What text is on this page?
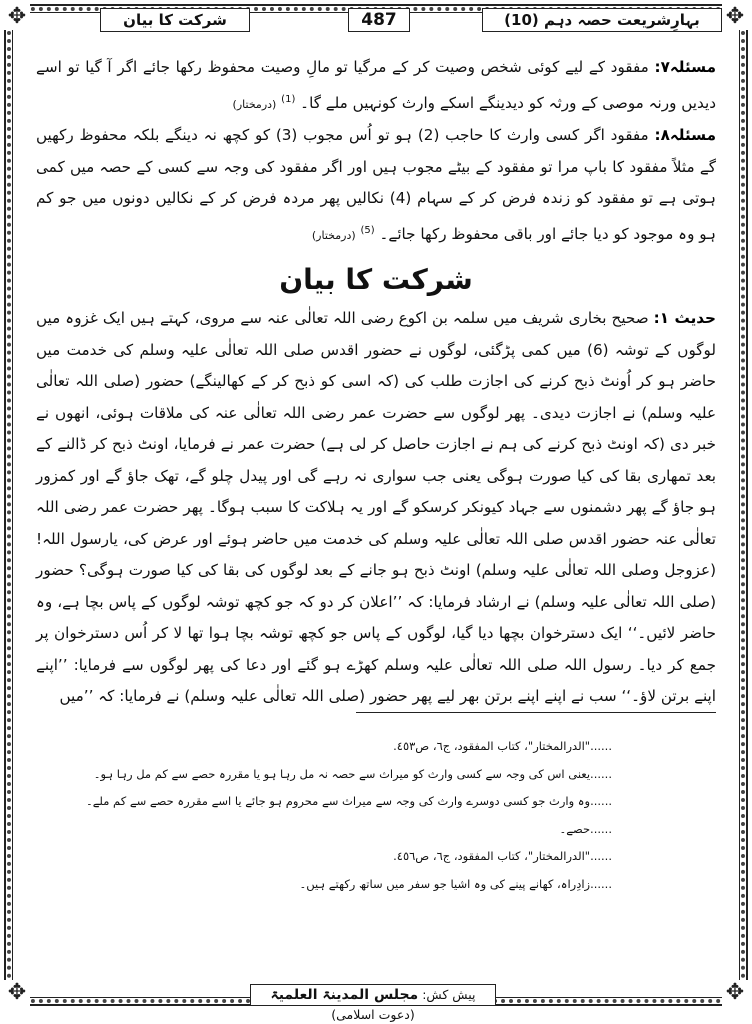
✥	✥
✥	✥
بہارِشریعت حصہ دہم (10)
487
شرکت کا بیان

مسئلہ۷: مفقود کے لیے کوئی شخص وصیت کر کے مرگیا تو مالِ وصیت محفوظ رکھا جائے اگر آ گیا تو اسے دیدیں ورنہ موصی کے ورثہ کو دیدینگے اسکے وارث کونہیں ملے گا۔ $^{(1)}$ (درمختار)

مسئلہ۸: مفقود اگر کسی وارث کا حاجب (2) ہو تو اُس مجوب (3) کو کچھ نہ دینگے بلکہ محفوظ رکھیں گے مثلاً مفقود کا باپ مرا تو مفقود کے بیٹے مجوب ہیں اور اگر مفقود کی وجہ سے کسی کے حصہ میں کمی ہوتی ہے تو مفقود کو زندہ فرض کر کے سہام (4) نکالیں پھر مردہ فرض کر کے نکالیں دونوں میں جو کم ہو وہ موجود کو دیا جائے اور باقی محفوظ رکھا جائے۔ $^{(5)}$ (درمختار)

شرکت کا بیان

حدیث ۱: صحیح بخاری شریف میں سلمہ بن اکوع رضی اللہ تعالٰی عنہ سے مروی، کہتے ہیں ایک غزوہ میں لوگوں کے توشہ (6) میں کمی پڑگئی، لوگوں نے حضور اقدس صلی اللہ تعالٰی علیہ وسلم کی خدمت میں حاضر ہو کر اُونٹ ذبح کرنے کی اجازت طلب کی (کہ اسی کو ذبح کر کے کھالینگے) حضور (صلی اللہ تعالٰی علیہ وسلم) نے اجازت دیدی۔ پھر لوگوں سے حضرت عمر رضی اللہ تعالٰی عنہ کی ملاقات ہوئی، انھوں نے خبر دی (کہ اونٹ ذبح کرنے کی ہم نے اجازت حاصل کر لی ہے) حضرت عمر نے فرمایا، اونٹ ذبح کر ڈالنے کے بعد تمھاری بقا کی کیا صورت ہوگی یعنی جب سواری نہ رہے گی اور پیدل چلو گے، تھک جاؤ گے اور کمزور ہو جاؤ گے پھر دشمنوں سے جہاد کیونکر کرسکو گے اور یہ ہلاکت کا سبب ہوگا۔ پھر حضرت عمر رضی اللہ تعالٰی عنہ حضور اقدس صلی اللہ تعالٰی علیہ وسلم کی خدمت میں حاضر ہوئے اور عرض کی، یارسول اللہ! (عزوجل وصلی اللہ تعالٰی علیہ وسلم) اونٹ ذبح ہو جانے کے بعد لوگوں کی بقا کی کیا صورت ہوگی؟ حضور (صلی اللہ تعالٰی علیہ وسلم) نے ارشاد فرمایا: کہ ’’اعلان کر دو کہ جو کچھ توشہ لوگوں کے پاس بچا ہے، وہ حاضر لائیں۔‘‘ ایک دسترخوان بچھا دیا گیا، لوگوں کے پاس جو کچھ توشہ بچا ہوا تھا لا کر اُس دسترخوان پر جمع کر دیا۔ رسول اللہ صلی اللہ تعالٰی علیہ وسلم کھڑے ہو گئے اور دعا کی پھر لوگوں سے فرمایا: ’’اپنے اپنے برتن لاؤ۔‘‘ سب نے اپنے اپنے برتن بھر لیے پھر حضور (صلی اللہ تعالٰی علیہ وسلم) نے فرمایا: کہ ’’میں

......"الدرالمختار"، کتاب المفقود، ج٦، ص٤٥٣.

......یعنی اس کی وجہ سے کسی وارث کو میراث سے حصہ نہ مل رہا ہو یا مقررہ حصے سے کم مل رہا ہو۔

......وہ وارث جو کسی دوسرے وارث کی وجہ سے میراث سے محروم ہو جائے یا اسے مقررہ حصے سے کم ملے۔

......حصے۔

......"الدرالمختار"، کتاب المفقود، ج٦، ص٤٥٦.

......زادِراہ، کھانے پینے کی وہ اشیا جو سفر میں ساتھ رکھتے ہیں۔

پیش کش: مجلس المدینۃ العلمیۃ (دعوت اسلامی)
